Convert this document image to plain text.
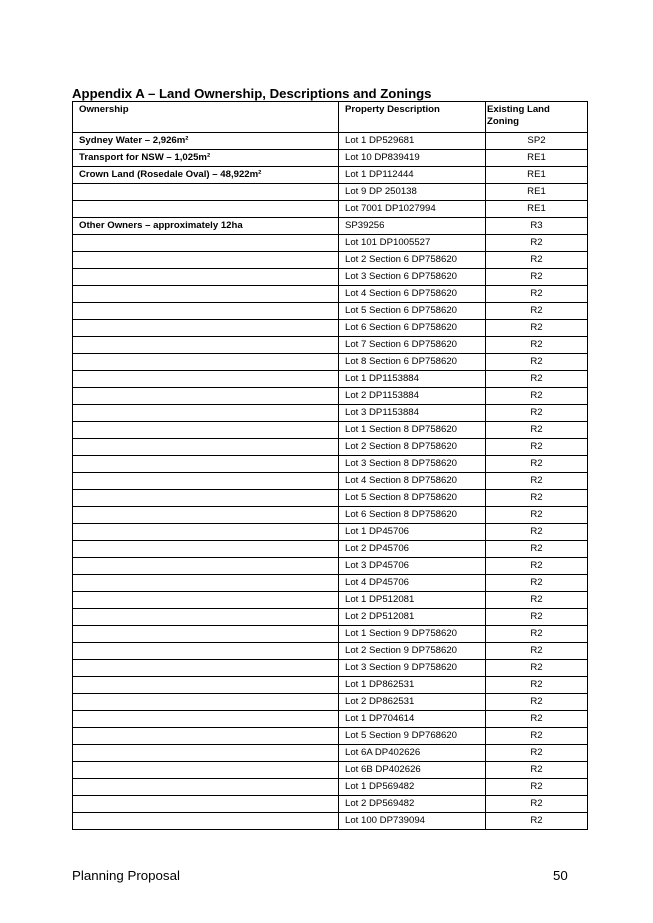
Appendix A – Land Ownership, Descriptions and Zonings
Ownership	Property Description	Existing Land Zoning
Sydney Water – 2,926m²	Lot 1 DP529681	SP2
Transport for NSW – 1,025m²	Lot 10 DP839419	RE1
Crown Land (Rosedale Oval) – 48,922m²	Lot 1 DP112444	RE1
	Lot 9 DP 250138	RE1
	Lot 7001 DP1027994	RE1
Other Owners – approximately 12ha	SP39256	R3
	Lot 101 DP1005527	R2
	Lot 2 Section 6 DP758620	R2
	Lot 3 Section 6 DP758620	R2
	Lot 4 Section 6 DP758620	R2
	Lot 5 Section 6 DP758620	R2
	Lot 6 Section 6 DP758620	R2
	Lot 7 Section 6 DP758620	R2
	Lot 8 Section 6 DP758620	R2
	Lot 1 DP1153884	R2
	Lot 2 DP1153884	R2
	Lot 3 DP1153884	R2
	Lot 1 Section 8 DP758620	R2
	Lot 2 Section 8 DP758620	R2
	Lot 3 Section 8 DP758620	R2
	Lot 4 Section 8 DP758620	R2
	Lot 5 Section 8 DP758620	R2
	Lot 6 Section 8 DP758620	R2
	Lot 1 DP45706	R2
	Lot 2 DP45706	R2
	Lot 3 DP45706	R2
	Lot 4 DP45706	R2
	Lot 1 DP512081	R2
	Lot 2 DP512081	R2
	Lot 1 Section 9 DP758620	R2
	Lot 2 Section 9 DP758620	R2
	Lot 3 Section 9 DP758620	R2
	Lot 1 DP862531	R2
	Lot 2 DP862531	R2
	Lot 1 DP704614	R2
	Lot 5 Section 9 DP768620	R2
	Lot 6A DP402626	R2
	Lot 6B DP402626	R2
	Lot 1 DP569482	R2
	Lot 2 DP569482	R2
	Lot 100 DP739094	R2
Planning Proposal	50
